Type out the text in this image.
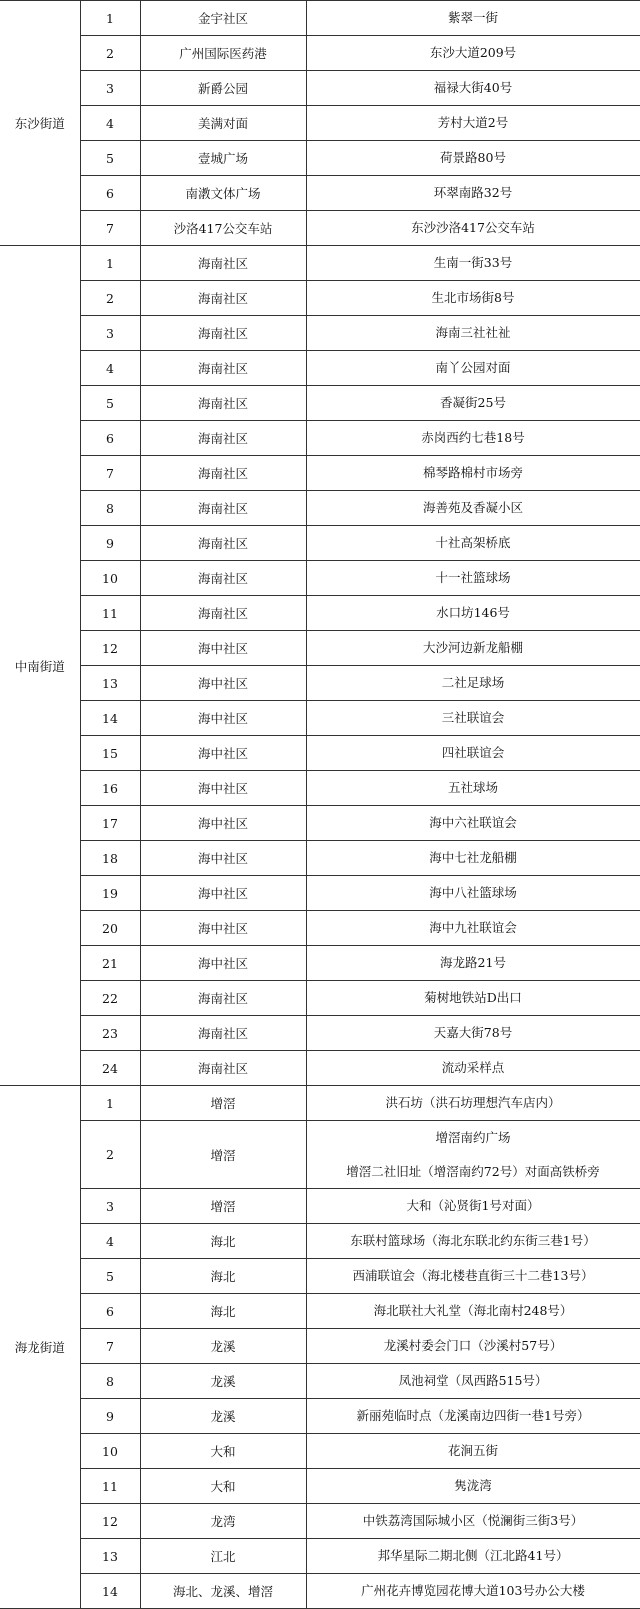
东沙街道	1	金宇社区	紫翠一街

	2	广州国际医药港	东沙大道209号

	3	新爵公园	福禄大街40号

	4	美满对面	芳村大道2号

	5	壹城广场	荷景路80号

	6	南漖文体广场	环翠南路32号

	7	沙洛417公交车站	东沙沙洛417公交车站

中南街道	1	海南社区	生南一街33号

	2	海南社区	生北市场街8号

	3	海南社区	海南三社社祉

	4	海南社区	南丫公园对面

	5	海南社区	香凝街25号

	6	海南社区	赤岗西约七巷18号

	7	海南社区	棉琴路棉村市场旁

	8	海南社区	海善苑及香凝小区

	9	海南社区	十社高架桥底

	10	海南社区	十一社篮球场

	11	海南社区	水口坊146号

	12	海中社区	大沙河边新龙船棚

	13	海中社区	二社足球场

	14	海中社区	三社联谊会

	15	海中社区	四社联谊会

	16	海中社区	五社球场

	17	海中社区	海中六社联谊会

	18	海中社区	海中七社龙船棚

	19	海中社区	海中八社篮球场

	20	海中社区	海中九社联谊会

	21	海中社区	海龙路21号

	22	海南社区	菊树地铁站D出口

	23	海南社区	天嘉大街78号

	24	海南社区	流动采样点

海龙街道	1	增滘	洪石坊（洪石坊理想汽车店内）

	2	增滘	增滘南约广场
增滘二社旧址（增滘南约72号）对面高铁桥旁

	3	增滘	大和（沁贤街1号对面）

	4	海北	东联村篮球场（海北东联北约东街三巷1号）

	5	海北	西浦联谊会（海北楼巷直街三十二巷13号）

	6	海北	海北联社大礼堂（海北南村248号）

	7	龙溪	龙溪村委会门口（沙溪村57号）

	8	龙溪	凤池祠堂（凤西路515号）

	9	龙溪	新丽苑临时点（龙溪南边四街一巷1号旁）

	10	大和	花涧五街

	11	大和	隽泷湾

	12	龙湾	中铁荔湾国际城小区（悦澜街三街3号）

	13	江北	邦华星际二期北侧（江北路41号）

	14	海北、龙溪、增滘	广州花卉博览园花博大道103号办公大楼
